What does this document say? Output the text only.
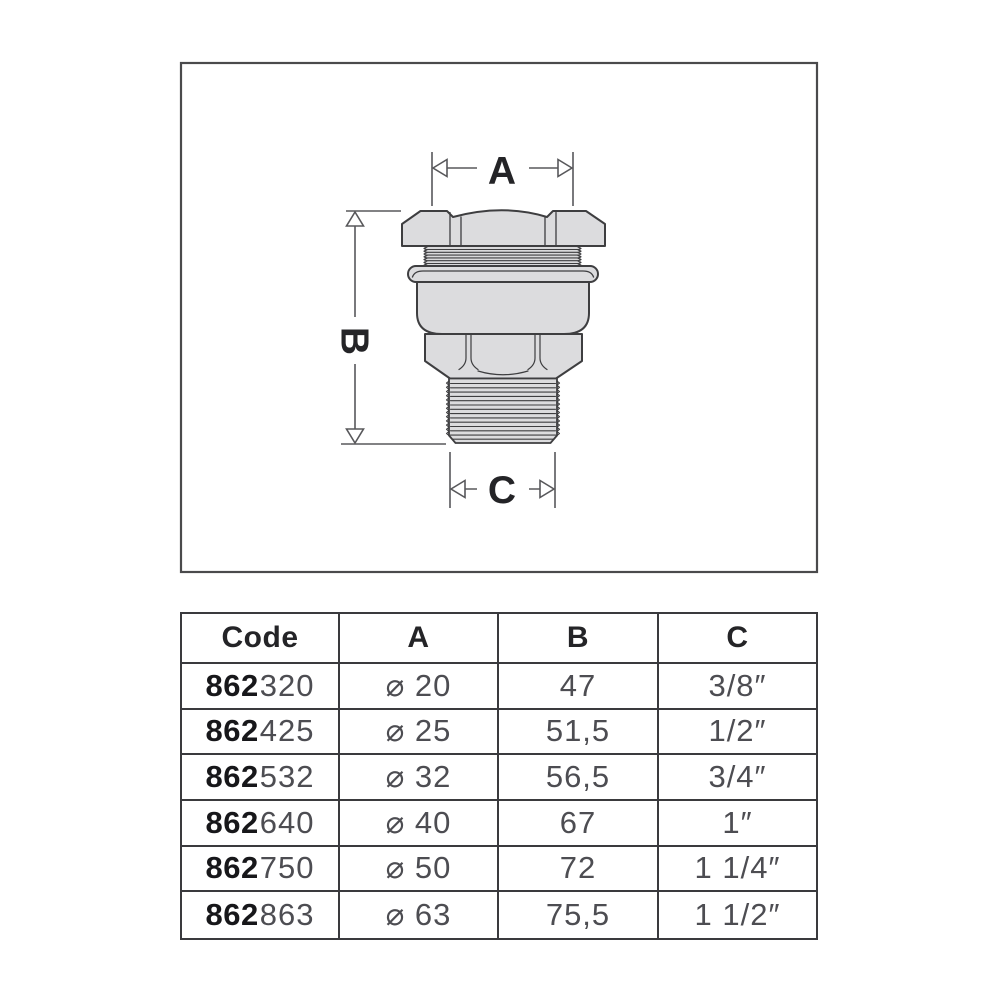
A
B
C
Code	A	B	C
862 320	⌀ 20	47	3/8″
862 425	⌀ 25	51,5	1/2″
862 532	⌀ 32	56,5	3/4″
862 640	⌀ 40	67	1″
862 750	⌀ 50	72	1 1/4″
862 863	⌀ 63	75,5	1 1/2″
